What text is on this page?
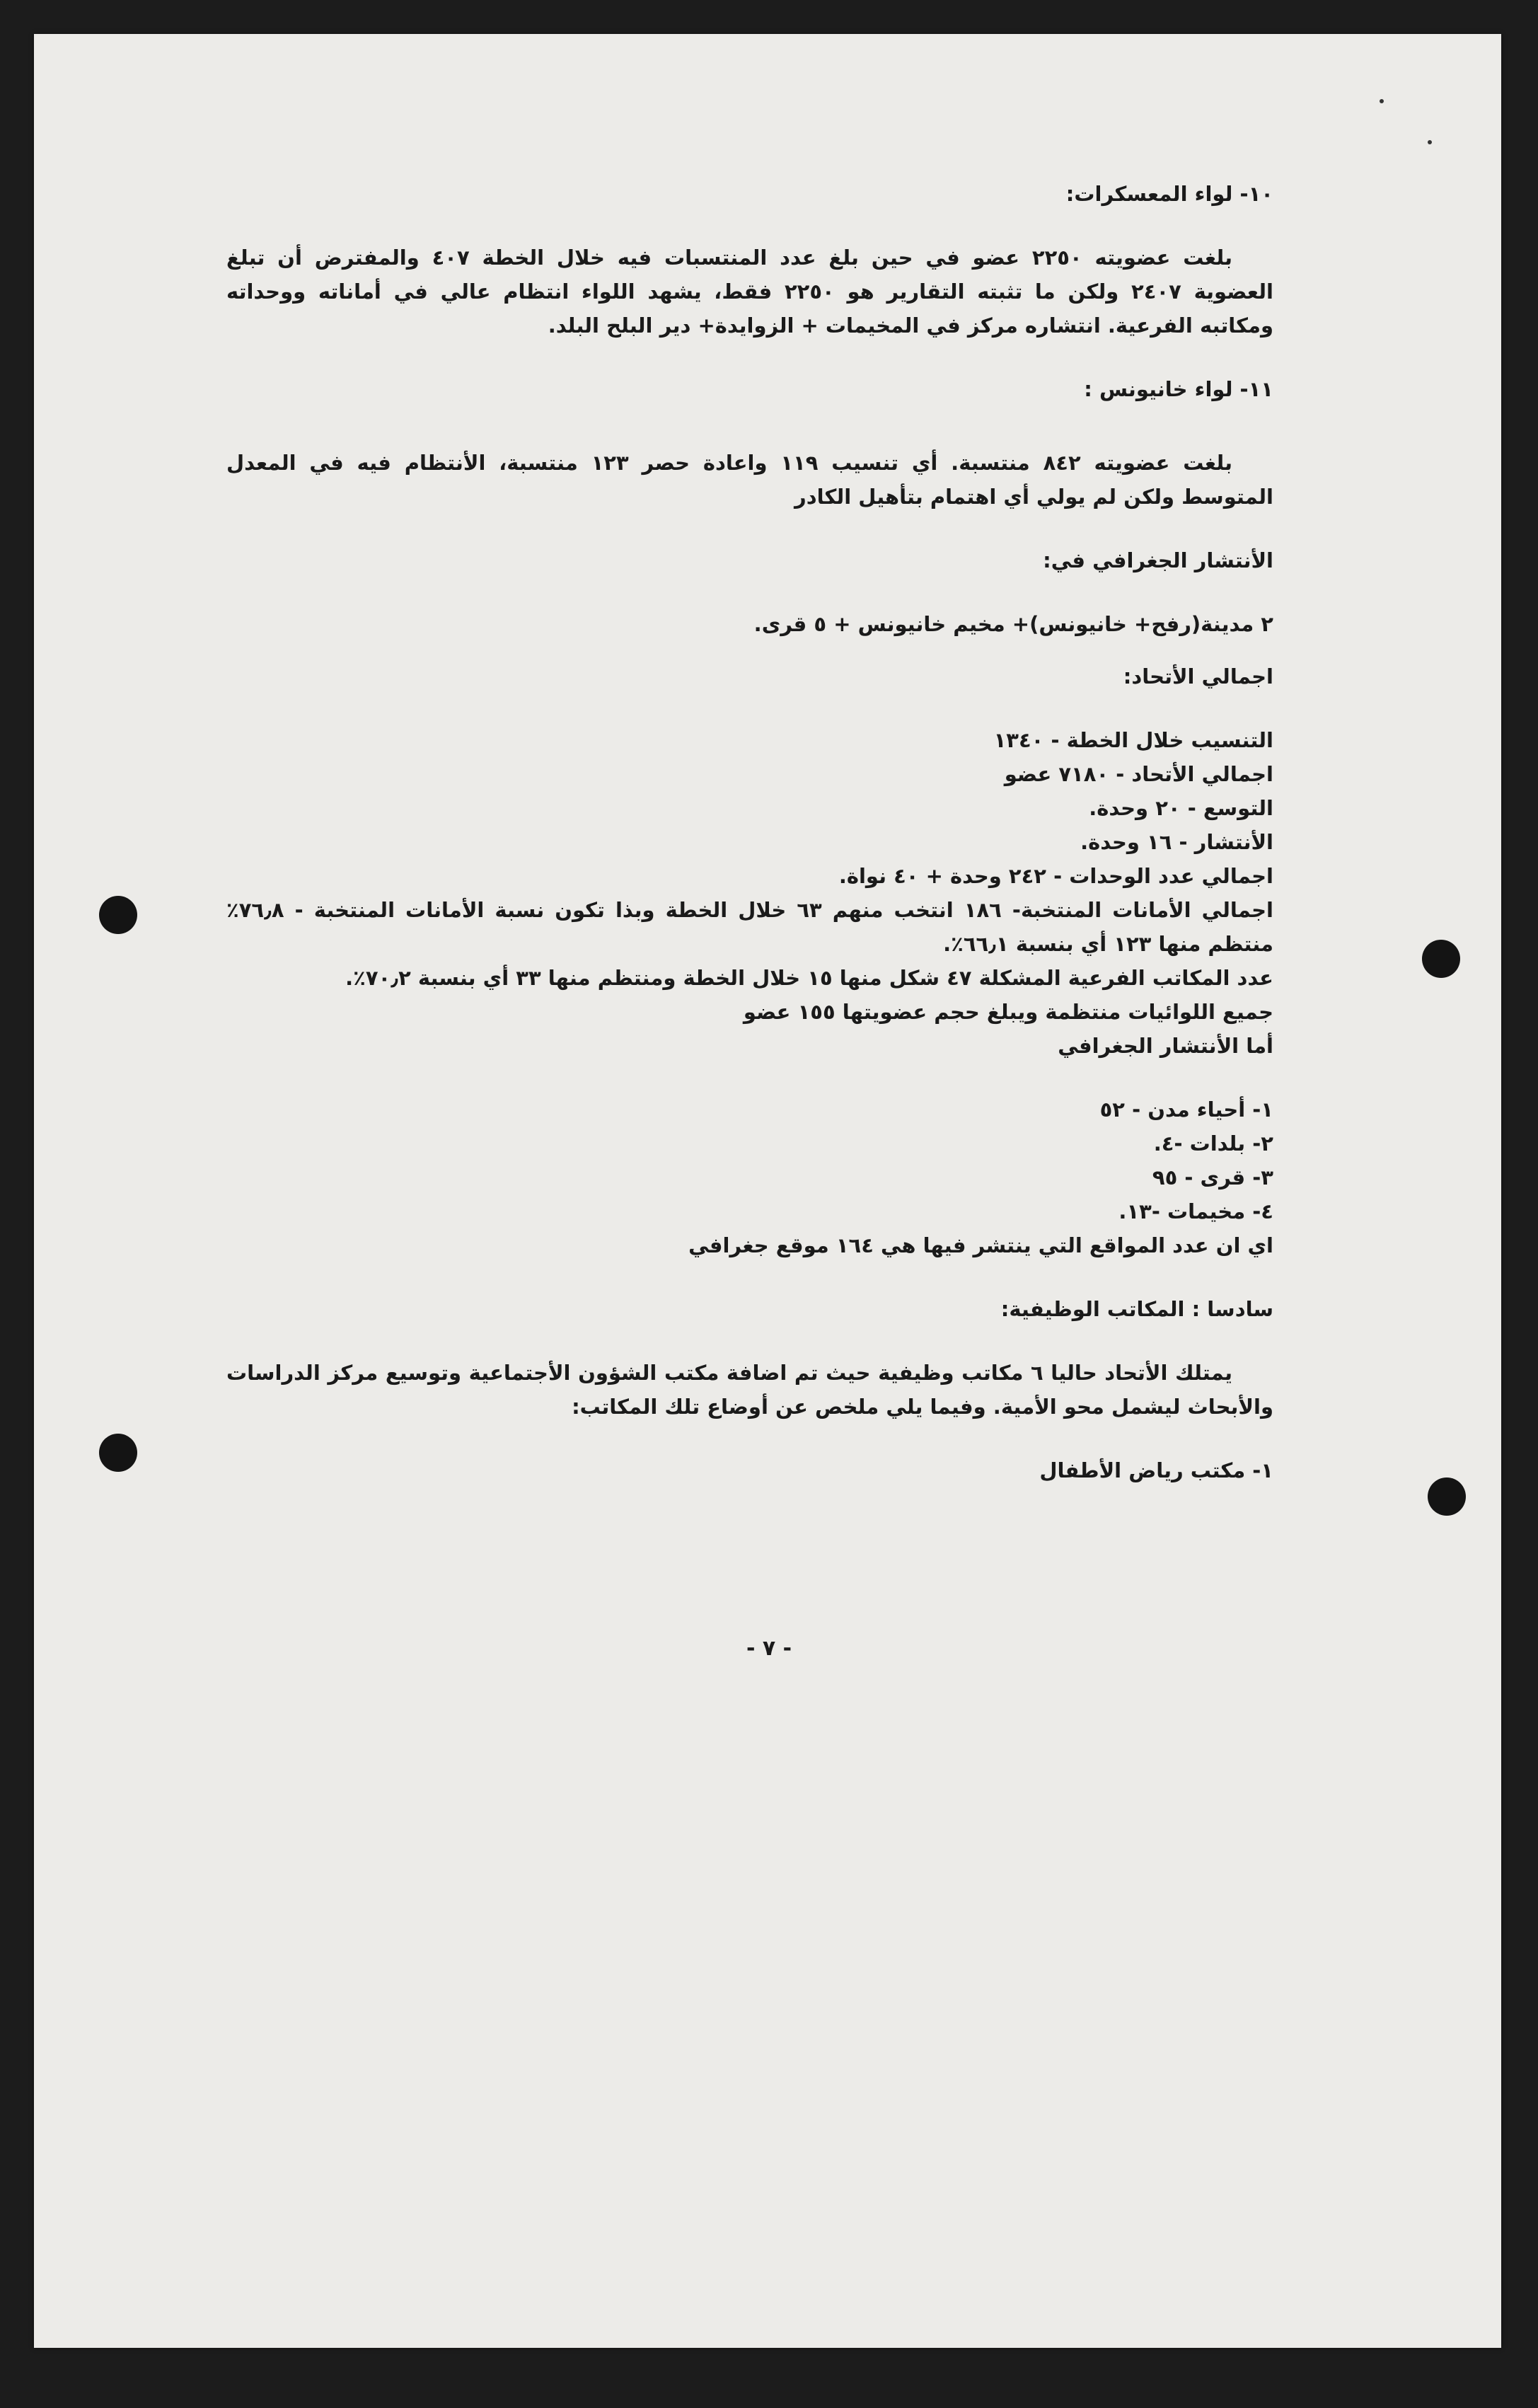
١٠- لواء المعسكرات:

بلغت عضويته ٢٢٥٠ عضو في حين بلغ عدد المنتسبات فيه خلال الخطة ٤٠٧ والمفترض أن تبلغ العضوية ٢٤٠٧ ولكن ما تثبته التقارير هو ٢٢٥٠ فقط، يشهد اللواء انتظام عالي في أماناته ووحداته ومكاتبه الفرعية. انتشاره مركز في المخيمات + الزوايدة+ دير البلح البلد.

١١- لواء خانيونس :

بلغت عضويته ٨٤٢ منتسبة. أي تنسيب ١١٩ واعادة حصر ١٢٣ منتسبة، الأنتظام فيه في المعدل المتوسط ولكن لم يولي أي اهتمام بتأهيل الكادر

الأنتشار الجغرافي في:

٢ مدينة(رفح+ خانيونس)+ مخيم خانيونس + ٥ قرى.

اجمالي الأتحاد:

التنسيب خلال الخطة - ١٣٤٠

اجمالي الأتحاد - ٧١٨٠ عضو

التوسع - ٢٠ وحدة.

الأنتشار - ١٦ وحدة.

اجمالي عدد الوحدات - ٢٤٢ وحدة + ٤٠ نواة.

اجمالي الأمانات المنتخبة- ١٨٦ انتخب منهم ٦٣ خلال الخطة وبذا تكون نسبة الأمانات المنتخبة - ٧٦٫٨٪ منتظم منها ١٢٣ أي بنسبة ٦٦٫١٪.

عدد المكاتب الفرعية المشكلة ٤٧ شكل منها ١٥ خلال الخطة ومنتظم منها ٣٣ أي بنسبة ٧٠٫٢٪.

جميع اللوائيات منتظمة ويبلغ حجم عضويتها ١٥٥ عضو

أما الأنتشار الجغرافي

١- أحياء مدن - ٥٢

٢- بلدات -٤.

٣- قرى - ٩٥

٤- مخيمات -١٣.

اي ان عدد المواقع التي ينتشر فيها هي ١٦٤ موقع جغرافي

سادسا : المكاتب الوظيفية:

يمتلك الأتحاد حاليا ٦ مكاتب وظيفية حيث تم اضافة مكتب الشؤون الأجتماعية وتوسيع مركز الدراسات والأبحاث ليشمل محو الأمية. وفيما يلي ملخص عن أوضاع تلك المكاتب:

١- مكتب رياض الأطفال

- ٧ -
